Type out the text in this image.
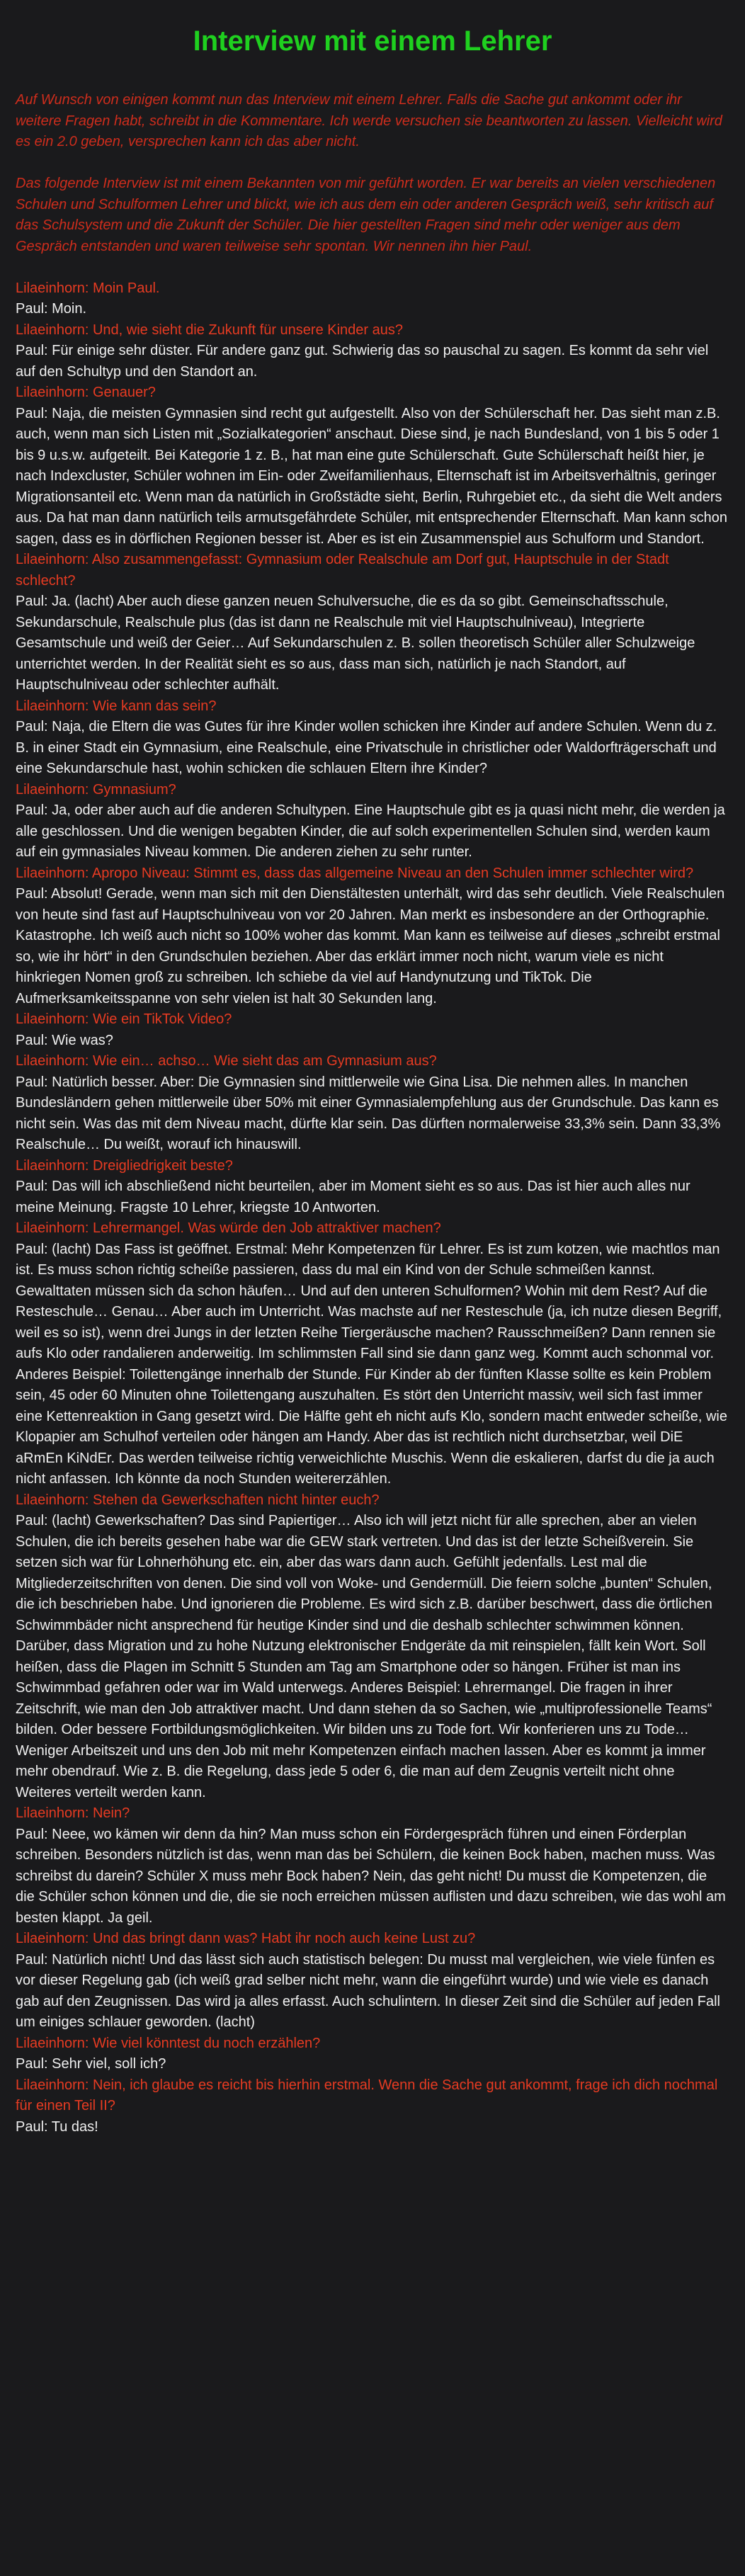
Interview mit einem Lehrer

Auf Wunsch von einigen kommt nun das Interview mit einem Lehrer. Falls die Sache gut ankommt oder ihr weitere Fragen habt, schreibt in die Kommentare. Ich werde versuchen sie beantworten zu lassen. Vielleicht wird es ein 2.0 geben, versprechen kann ich das aber nicht.

Das folgende Interview ist mit einem Bekannten von mir geführt worden. Er war bereits an vielen verschiedenen Schulen und Schulformen Lehrer und blickt, wie ich aus dem ein oder anderen Gespräch weiß, sehr kritisch auf das Schulsystem und die Zukunft der Schüler. Die hier gestellten Fragen sind mehr oder weniger aus dem Gespräch entstanden und waren teilweise sehr spontan. Wir nennen ihn hier Paul.

Lilaeinhorn: Moin Paul.
Paul: Moin.
Lilaeinhorn: Und, wie sieht die Zukunft für unsere Kinder aus?
Paul: Für einige sehr düster. Für andere ganz gut. Schwierig das so pauschal zu sagen. Es kommt da sehr viel auf den Schultyp und den Standort an.
Lilaeinhorn: Genauer?
Paul: Naja, die meisten Gymnasien sind recht gut aufgestellt. Also von der Schülerschaft her. Das sieht man z.B. auch, wenn man sich Listen mit „Sozialkategorien“ anschaut. Diese sind, je nach Bundesland, von 1 bis 5 oder 1 bis 9 u.s.w. aufgeteilt. Bei Kategorie 1 z. B., hat man eine gute Schülerschaft. Gute Schülerschaft heißt hier, je nach Indexcluster, Schüler wohnen im Ein- oder Zweifamilienhaus, Elternschaft ist im Arbeitsverhältnis, geringer Migrationsanteil etc. Wenn man da natürlich in Großstädte sieht, Berlin, Ruhrgebiet etc., da sieht die Welt anders aus. Da hat man dann natürlich teils armutsgefährdete Schüler, mit entsprechender Elternschaft. Man kann schon sagen, dass es in dörflichen Regionen besser ist. Aber es ist ein Zusammenspiel aus Schulform und Standort.
Lilaeinhorn: Also zusammengefasst: Gymnasium oder Realschule am Dorf gut, Hauptschule in der Stadt schlecht?
Paul: Ja. (lacht) Aber auch diese ganzen neuen Schulversuche, die es da so gibt. Gemeinschaftsschule, Sekundarschule, Realschule plus (das ist dann ne Realschule mit viel Hauptschulniveau), Integrierte Gesamtschule und weiß der Geier… Auf Sekundarschulen z. B. sollen theoretisch Schüler aller Schulzweige unterrichtet werden. In der Realität sieht es so aus, dass man sich, natürlich je nach Standort, auf Hauptschulniveau oder schlechter aufhält.
Lilaeinhorn: Wie kann das sein?
Paul: Naja, die Eltern die was Gutes für ihre Kinder wollen schicken ihre Kinder auf andere Schulen. Wenn du z. B. in einer Stadt ein Gymnasium, eine Realschule, eine Privatschule in christlicher oder Waldorfträgerschaft und eine Sekundarschule hast, wohin schicken die schlauen Eltern ihre Kinder?
Lilaeinhorn: Gymnasium?
Paul: Ja, oder aber auch auf die anderen Schultypen. Eine Hauptschule gibt es ja quasi nicht mehr, die werden ja alle geschlossen. Und die wenigen begabten Kinder, die auf solch experimentellen Schulen sind, werden kaum auf ein gymnasiales Niveau kommen. Die anderen ziehen zu sehr runter.
Lilaeinhorn: Apropo Niveau: Stimmt es, dass das allgemeine Niveau an den Schulen immer schlechter wird?
Paul: Absolut! Gerade, wenn man sich mit den Dienstältesten unterhält, wird das sehr deutlich. Viele Realschulen von heute sind fast auf Hauptschulniveau von vor 20 Jahren. Man merkt es insbesondere an der Orthographie. Katastrophe. Ich weiß auch nicht so 100% woher das kommt. Man kann es teilweise auf dieses „schreibt erstmal so, wie ihr hört“ in den Grundschulen beziehen. Aber das erklärt immer noch nicht, warum viele es nicht hinkriegen Nomen groß zu schreiben. Ich schiebe da viel auf Handynutzung und TikTok. Die Aufmerksamkeitsspanne von sehr vielen ist halt 30 Sekunden lang.
Lilaeinhorn: Wie ein TikTok Video?
Paul: Wie was?
Lilaeinhorn: Wie ein… achso… Wie sieht das am Gymnasium aus?
Paul: Natürlich besser. Aber: Die Gymnasien sind mittlerweile wie Gina Lisa. Die nehmen alles. In manchen Bundesländern gehen mittlerweile über 50% mit einer Gymnasialempfehlung aus der Grundschule. Das kann es nicht sein. Was das mit dem Niveau macht, dürfte klar sein. Das dürften normalerweise 33,3% sein. Dann 33,3% Realschule… Du weißt, worauf ich hinauswill.
Lilaeinhorn: Dreigliedrigkeit beste?
Paul: Das will ich abschließend nicht beurteilen, aber im Moment sieht es so aus. Das ist hier auch alles nur meine Meinung. Fragste 10 Lehrer, kriegste 10 Antworten.
Lilaeinhorn: Lehrermangel. Was würde den Job attraktiver machen?
Paul: (lacht) Das Fass ist geöffnet. Erstmal: Mehr Kompetenzen für Lehrer. Es ist zum kotzen, wie machtlos man ist. Es muss schon richtig scheiße passieren, dass du mal ein Kind von der Schule schmeißen kannst. Gewalttaten müssen sich da schon häufen… Und auf den unteren Schulformen? Wohin mit dem Rest? Auf die Resteschule… Genau… Aber auch im Unterricht. Was machste auf ner Resteschule (ja, ich nutze diesen Begriff, weil es so ist), wenn drei Jungs in der letzten Reihe Tiergeräusche machen? Rausschmeißen? Dann rennen sie aufs Klo oder randalieren anderweitig. Im schlimmsten Fall sind sie dann ganz weg. Kommt auch schonmal vor. Anderes Beispiel: Toilettengänge innerhalb der Stunde. Für Kinder ab der fünften Klasse sollte es kein Problem sein, 45 oder 60 Minuten ohne Toilettengang auszuhalten. Es stört den Unterricht massiv, weil sich fast immer eine Kettenreaktion in Gang gesetzt wird. Die Hälfte geht eh nicht aufs Klo, sondern macht entweder scheiße, wie Klopapier am Schulhof verteilen oder hängen am Handy. Aber das ist rechtlich nicht durchsetzbar, weil DiE aRmEn KiNdEr. Das werden teilweise richtig verweichlichte Muschis. Wenn die eskalieren, darfst du die ja auch nicht anfassen. Ich könnte da noch Stunden weitererzählen.
Lilaeinhorn: Stehen da Gewerkschaften nicht hinter euch?
Paul: (lacht) Gewerkschaften? Das sind Papiertiger… Also ich will jetzt nicht für alle sprechen, aber an vielen Schulen, die ich bereits gesehen habe war die GEW stark vertreten. Und das ist der letzte Scheißverein. Sie setzen sich war für Lohnerhöhung etc. ein, aber das wars dann auch. Gefühlt jedenfalls. Lest mal die Mitgliederzeitschriften von denen. Die sind voll von Woke- und Gendermüll. Die feiern solche „bunten“ Schulen, die ich beschrieben habe. Und ignorieren die Probleme. Es wird sich z.B. darüber beschwert, dass die örtlichen Schwimmbäder nicht ansprechend für heutige Kinder sind und die deshalb schlechter schwimmen können. Darüber, dass Migration und zu hohe Nutzung elektronischer Endgeräte da mit reinspielen, fällt kein Wort. Soll heißen, dass die Plagen im Schnitt 5 Stunden am Tag am Smartphone oder so hängen. Früher ist man ins Schwimmbad gefahren oder war im Wald unterwegs. Anderes Beispiel: Lehrermangel. Die fragen in ihrer Zeitschrift, wie man den Job attraktiver macht. Und dann stehen da so Sachen, wie „multiprofessionelle Teams“ bilden. Oder bessere Fortbildungsmöglichkeiten. Wir bilden uns zu Tode fort. Wir konferieren uns zu Tode… Weniger Arbeitszeit und uns den Job mit mehr Kompetenzen einfach machen lassen. Aber es kommt ja immer mehr obendrauf. Wie z. B. die Regelung, dass jede 5 oder 6, die man auf dem Zeugnis verteilt nicht ohne Weiteres verteilt werden kann.
Lilaeinhorn: Nein?
Paul: Neee, wo kämen wir denn da hin? Man muss schon ein Fördergespräch führen und einen Förderplan schreiben. Besonders nützlich ist das, wenn man das bei Schülern, die keinen Bock haben, machen muss. Was schreibst du darein? Schüler X muss mehr Bock haben? Nein, das geht nicht! Du musst die Kompetenzen, die die Schüler schon können und die, die sie noch erreichen müssen auflisten und dazu schreiben, wie das wohl am besten klappt. Ja geil.
Lilaeinhorn: Und das bringt dann was? Habt ihr noch auch keine Lust zu?
Paul: Natürlich nicht! Und das lässt sich auch statistisch belegen: Du musst mal vergleichen, wie viele fünfen es vor dieser Regelung gab (ich weiß grad selber nicht mehr, wann die eingeführt wurde) und wie viele es danach gab auf den Zeugnissen. Das wird ja alles erfasst. Auch schulintern. In dieser Zeit sind die Schüler auf jeden Fall um einiges schlauer geworden. (lacht)
Lilaeinhorn: Wie viel könntest du noch erzählen?
Paul: Sehr viel, soll ich?
Lilaeinhorn: Nein, ich glaube es reicht bis hierhin erstmal. Wenn die Sache gut ankommt, frage ich dich nochmal für einen Teil II?
Paul: Tu das!
